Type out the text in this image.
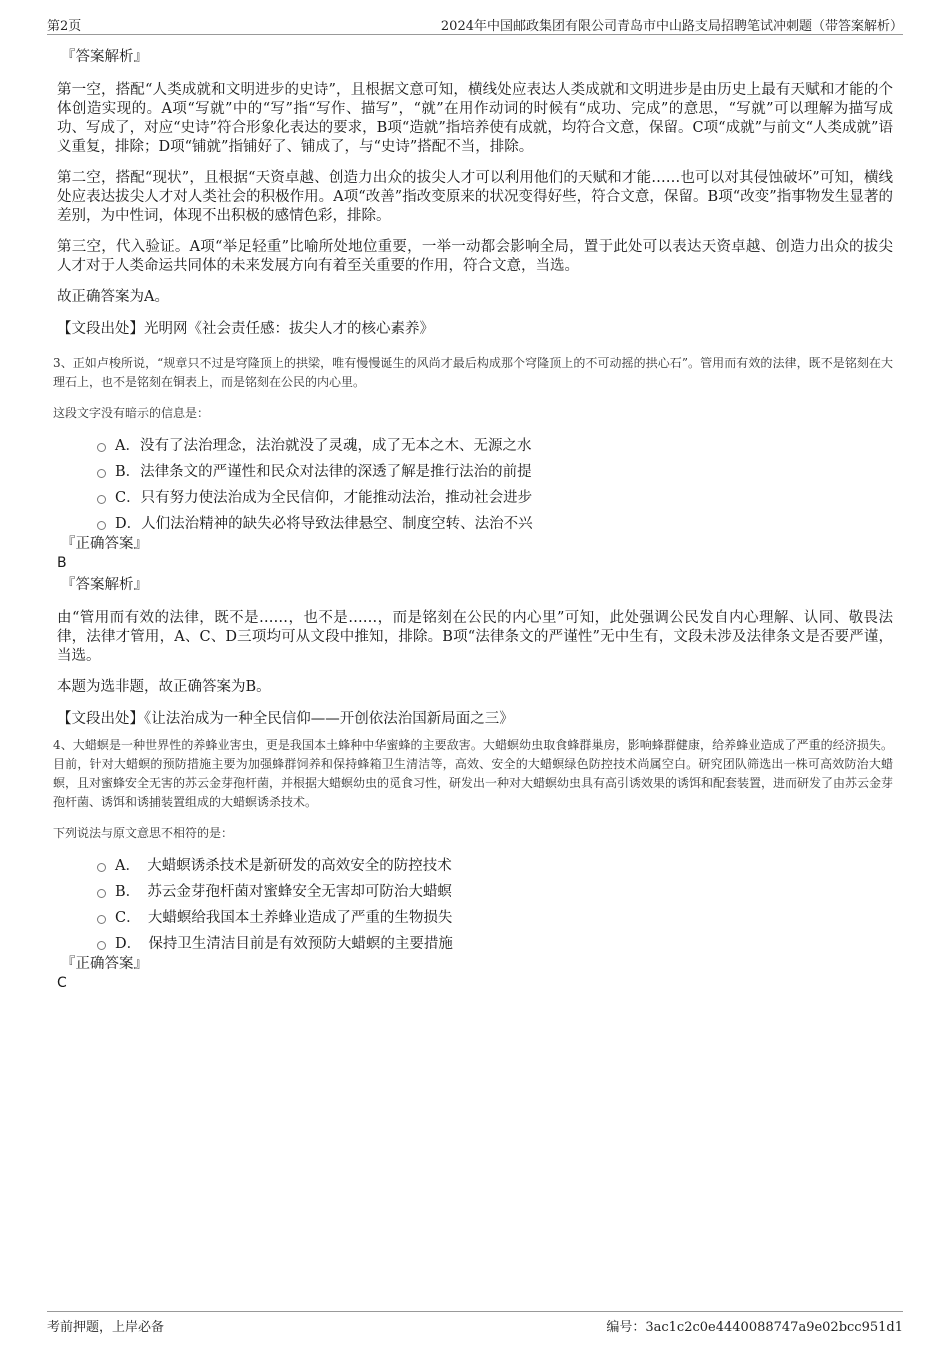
第2页	2024年中国邮政集团有限公司青岛市中山路支局招聘笔试冲刺题（带答案解析）
『答案解析』

第一空，搭配“人类成就和文明进步的史诗”，且根据文意可知，横线处应表达人类成就和文明进步是由历史上最有天赋和才能的个体创造实现的。A项“写就”中的“写”指“写作、描写”，“就”在用作动词的时候有“成功、完成”的意思，“写就”可以理解为描写成功、写成了，对应“史诗”符合形象化表达的要求，B项“造就”指培养使有成就，均符合文意，保留。C项“成就”与前文“人类成就”语义重复，排除；D项“铺就”指铺好了、铺成了，与“史诗”搭配不当，排除。

第二空，搭配“现状”，且根据“天资卓越、创造力出众的拔尖人才可以利用他们的天赋和才能……也可以对其侵蚀破坏”可知，横线处应表达拔尖人才对人类社会的积极作用。A项“改善”指改变原来的状况变得好些，符合文意，保留。B项“改变”指事物发生显著的差别，为中性词，体现不出积极的感情色彩，排除。

第三空，代入验证。A项“举足轻重”比喻所处地位重要，一举一动都会影响全局，置于此处可以表达天资卓越、创造力出众的拔尖人才对于人类命运共同体的未来发展方向有着至关重要的作用，符合文意，当选。

故正确答案为A。

【文段出处】光明网《社会责任感：拔尖人才的核心素养》

3、正如卢梭所说，“规章只不过是穹隆顶上的拱梁，唯有慢慢诞生的风尚才最后构成那个穹隆顶上的不可动摇的拱心石”。管用而有效的法律，既不是铭刻在大理石上，也不是铭刻在铜表上，而是铭刻在公民的内心里。

这段文字没有暗示的信息是：

A．没有了法治理念，法治就没了灵魂，成了无本之木、无源之水
B．法律条文的严谨性和民众对法律的深透了解是推行法治的前提
C．只有努力使法治成为全民信仰，才能推动法治，推动社会进步
D．人们法治精神的缺失必将导致法律悬空、制度空转、法治不兴
『正确答案』
B
『答案解析』

由“管用而有效的法律，既不是……，也不是……，而是铭刻在公民的内心里”可知，此处强调公民发自内心理解、认同、敬畏法律，法律才管用，A、C、D三项均可从文段中推知，排除。B项“法律条文的严谨性”无中生有，文段未涉及法律条文是否要严谨，当选。

本题为选非题，故正确答案为B。

【文段出处】《让法治成为一种全民信仰——开创依法治国新局面之三》

4、大蜡螟是一种世界性的养蜂业害虫，更是我国本土蜂种中华蜜蜂的主要敌害。大蜡螟幼虫取食蜂群巢房，影响蜂群健康，给养蜂业造成了严重的经济损失。目前，针对大蜡螟的预防措施主要为加强蜂群饲养和保持蜂箱卫生清洁等，高效、安全的大蜡螟绿色防控技术尚属空白。研究团队筛选出一株可高效防治大蜡螟，且对蜜蜂安全无害的苏云金芽孢杆菌，并根据大蜡螟幼虫的觅食习性，研发出一种对大蜡螟幼虫具有高引诱效果的诱饵和配套装置，进而研发了由苏云金芽孢杆菌、诱饵和诱捕装置组成的大蜡螟诱杀技术。

下列说法与原文意思不相符的是：

A．　大蜡螟诱杀技术是新研发的高效安全的防控技术
B．　苏云金芽孢杆菌对蜜蜂安全无害却可防治大蜡螟
C．　大蜡螟给我国本土养蜂业造成了严重的生物损失
D．　保持卫生清洁目前是有效预防大蜡螟的主要措施
『正确答案』
C
考前押题，上岸必备	编号：3ac1c2c0e4440088747a9e02bcc951d1
